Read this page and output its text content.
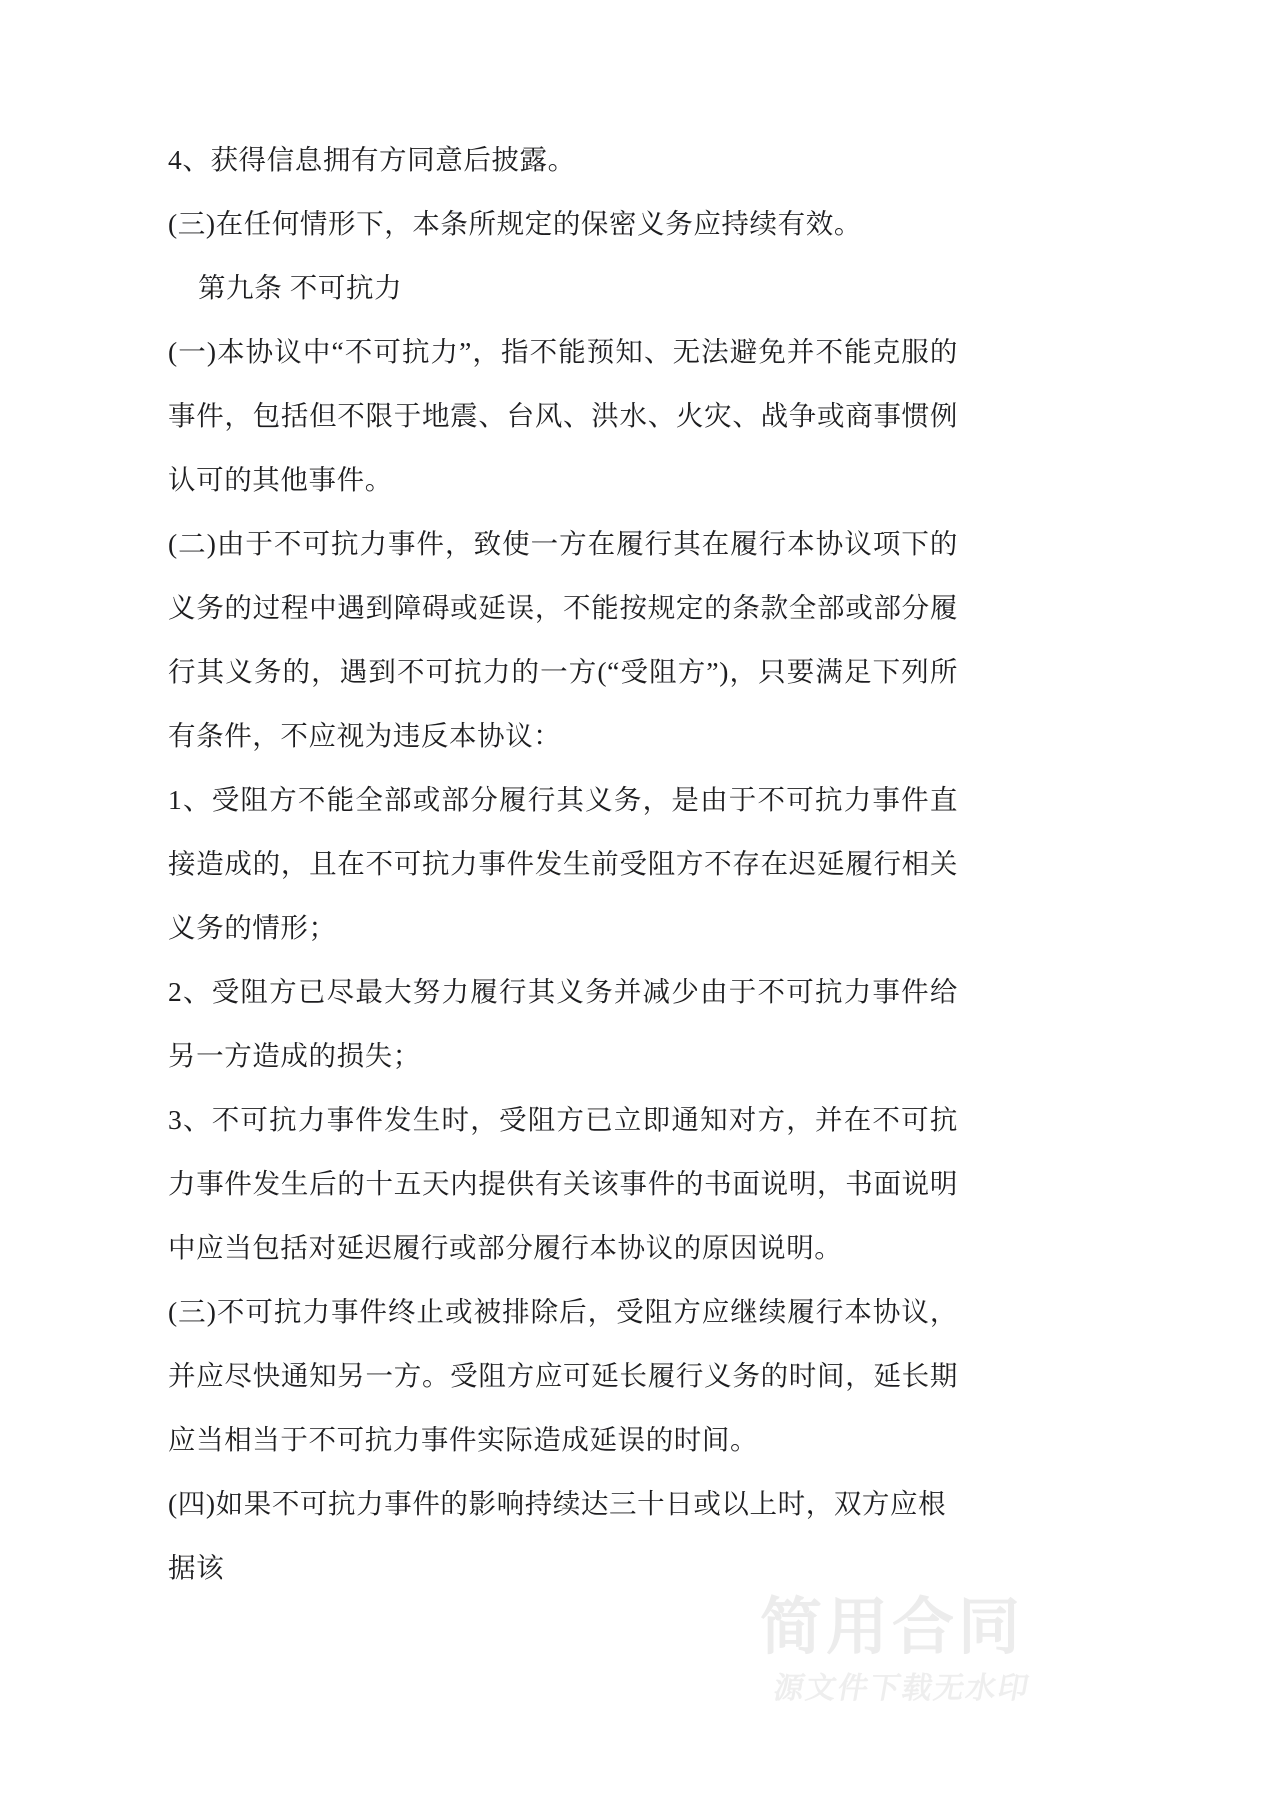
4、获得信息拥有方同意后披露。

(三)在任何情形下，本条所规定的保密义务应持续有效。

第九条 不可抗力

(一)本协议中“不可抗力”，指不能预知、无法避免并不能克服的事件，包括但不限于地震、台风、洪水、火灾、战争或商事惯例认可的其他事件。

(二)由于不可抗力事件，致使一方在履行其在履行本协议项下的义务的过程中遇到障碍或延误，不能按规定的条款全部或部分履行其义务的，遇到不可抗力的一方(“受阻方”)，只要满足下列所有条件，不应视为违反本协议：

1、受阻方不能全部或部分履行其义务，是由于不可抗力事件直接造成的，且在不可抗力事件发生前受阻方不存在迟延履行相关义务的情形；

2、受阻方已尽最大努力履行其义务并减少由于不可抗力事件给另一方造成的损失；

3、不可抗力事件发生时，受阻方已立即通知对方，并在不可抗力事件发生后的十五天内提供有关该事件的书面说明，书面说明中应当包括对延迟履行或部分履行本协议的原因说明。

(三)不可抗力事件终止或被排除后，受阻方应继续履行本协议，并应尽快通知另一方。受阻方应可延长履行义务的时间，延长期应当相当于不可抗力事件实际造成延误的时间。

(四)如果不可抗力事件的影响持续达三十日或以上时，双方应根据该

简用合同
源文件下载无水印
